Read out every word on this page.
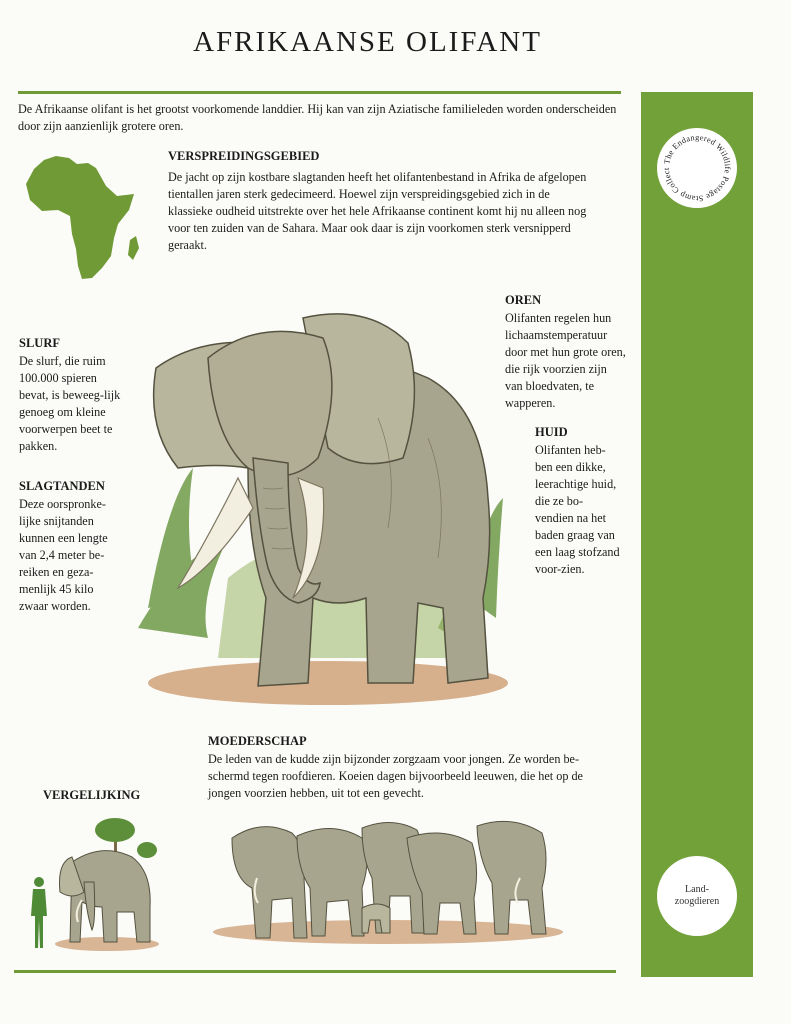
AFRIKAANSE OLIFANT
De Afrikaanse olifant is het grootst voorkomende landdier. Hij kan van zijn Aziatische familieleden worden onderscheiden door zijn aanzienlijk grotere oren.
VERSPREIDINGSGEBIED
De jacht op zijn kostbare slagtanden heeft het olifantenbestand in Afrika de afgelopen tientallen jaren sterk gedecimeerd. Hoewel zijn verspreidingsgebied zich in de klassieke oudheid uitstrekte over het hele Afrikaanse continent komt hij nu alleen nog voor ten zuiden van de Sahara. Maar ook daar is zijn voorkomen sterk versnipperd geraakt.
SLURF
De slurf, die ruim 100.000 spieren bevat, is beweeg-lijk genoeg om kleine voorwerpen beet te pakken.
SLAGTANDEN
Deze oorspronke-lijke snijtanden kunnen een lengte van 2,4 meter be-reiken en geza-menlijk 45 kilo zwaar worden.
OREN
Olifanten regelen hun lichaamstemperatuur door met hun grote oren, die rijk voorzien zijn van bloedvaten, te wapperen.
HUID
Olifanten heb-ben een dikke, leerachtige huid, die ze bo-vendien na het baden graag van een laag stofzand voor-zien.
MOEDERSCHAP
De leden van de kudde zijn bijzonder zorgzaam voor jongen. Ze worden be-schermd tegen roofdieren. Koeien dagen bijvoorbeeld leeuwen, die het op de jongen voorzien hebben, uit tot een gevecht.
VERGELIJKING
The Endangered Wildlife Postage Stamp Collect
Land-zoogdieren
